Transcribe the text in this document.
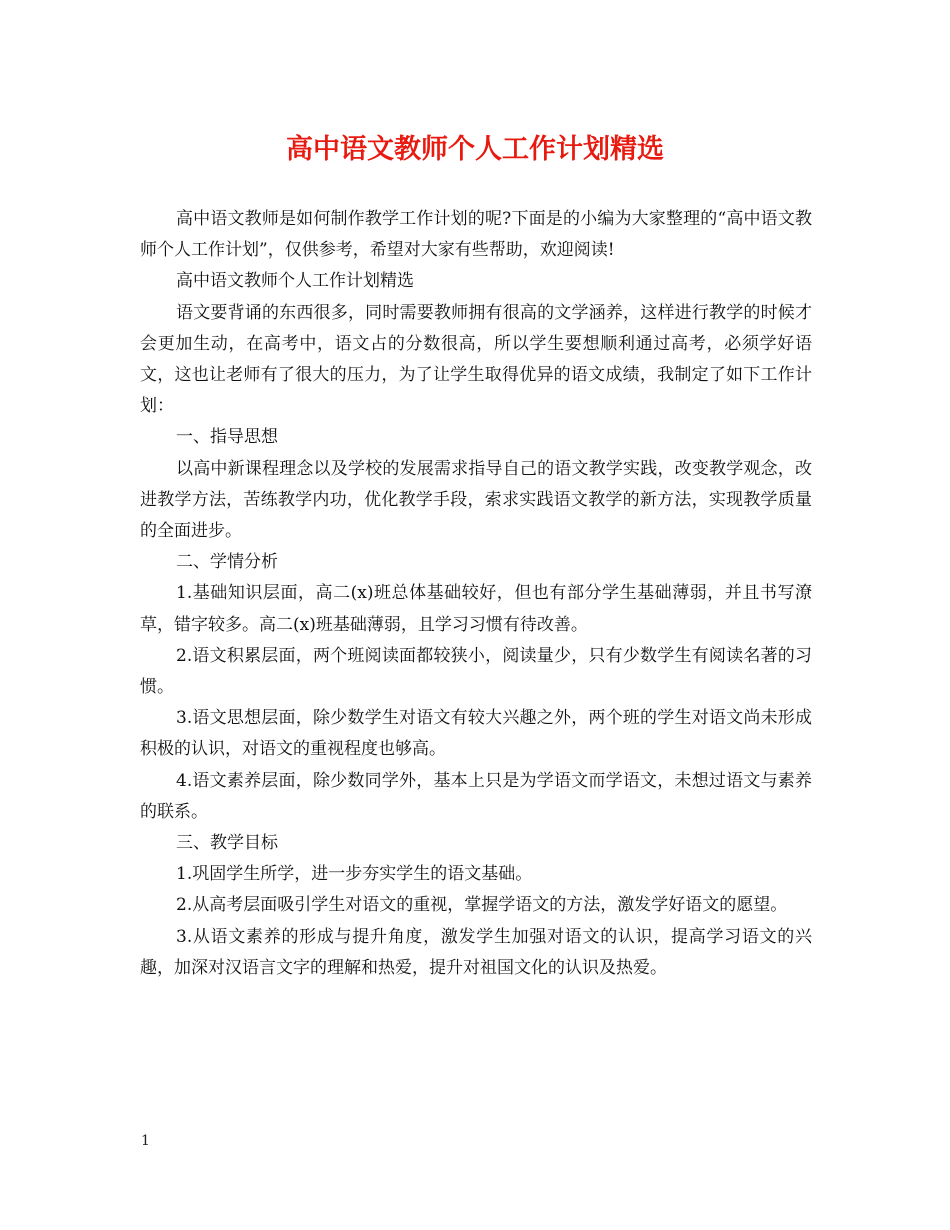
高中语文教师个人工作计划精选

高中语文教师是如何制作教学工作计划的呢?下面是的小编为大家整理的“高中语文教师个人工作计划”，仅供参考，希望对大家有些帮助，欢迎阅读!

高中语文教师个人工作计划精选

语文要背诵的东西很多，同时需要教师拥有很高的文学涵养，这样进行教学的时候才会更加生动，在高考中，语文占的分数很高，所以学生要想顺利通过高考，必须学好语文，这也让老师有了很大的压力，为了让学生取得优异的语文成绩，我制定了如下工作计划：

一、指导思想

以高中新课程理念以及学校的发展需求指导自己的语文教学实践，改变教学观念，改进教学方法，苦练教学内功，优化教学手段，索求实践语文教学的新方法，实现教学质量的全面进步。

二、学情分析

1.基础知识层面，高二(x)班总体基础较好，但也有部分学生基础薄弱，并且书写潦草，错字较多。高二(x)班基础薄弱，且学习习惯有待改善。

2.语文积累层面，两个班阅读面都较狭小，阅读量少，只有少数学生有阅读名著的习惯。

3.语文思想层面，除少数学生对语文有较大兴趣之外，两个班的学生对语文尚未形成积极的认识，对语文的重视程度也够高。

4.语文素养层面，除少数同学外，基本上只是为学语文而学语文，未想过语文与素养的联系。

三、教学目标

1.巩固学生所学，进一步夯实学生的语文基础。

2.从高考层面吸引学生对语文的重视，掌握学语文的方法，激发学好语文的愿望。

3.从语文素养的形成与提升角度，激发学生加强对语文的认识，提高学习语文的兴趣，加深对汉语言文字的理解和热爱，提升对祖国文化的认识及热爱。

1
